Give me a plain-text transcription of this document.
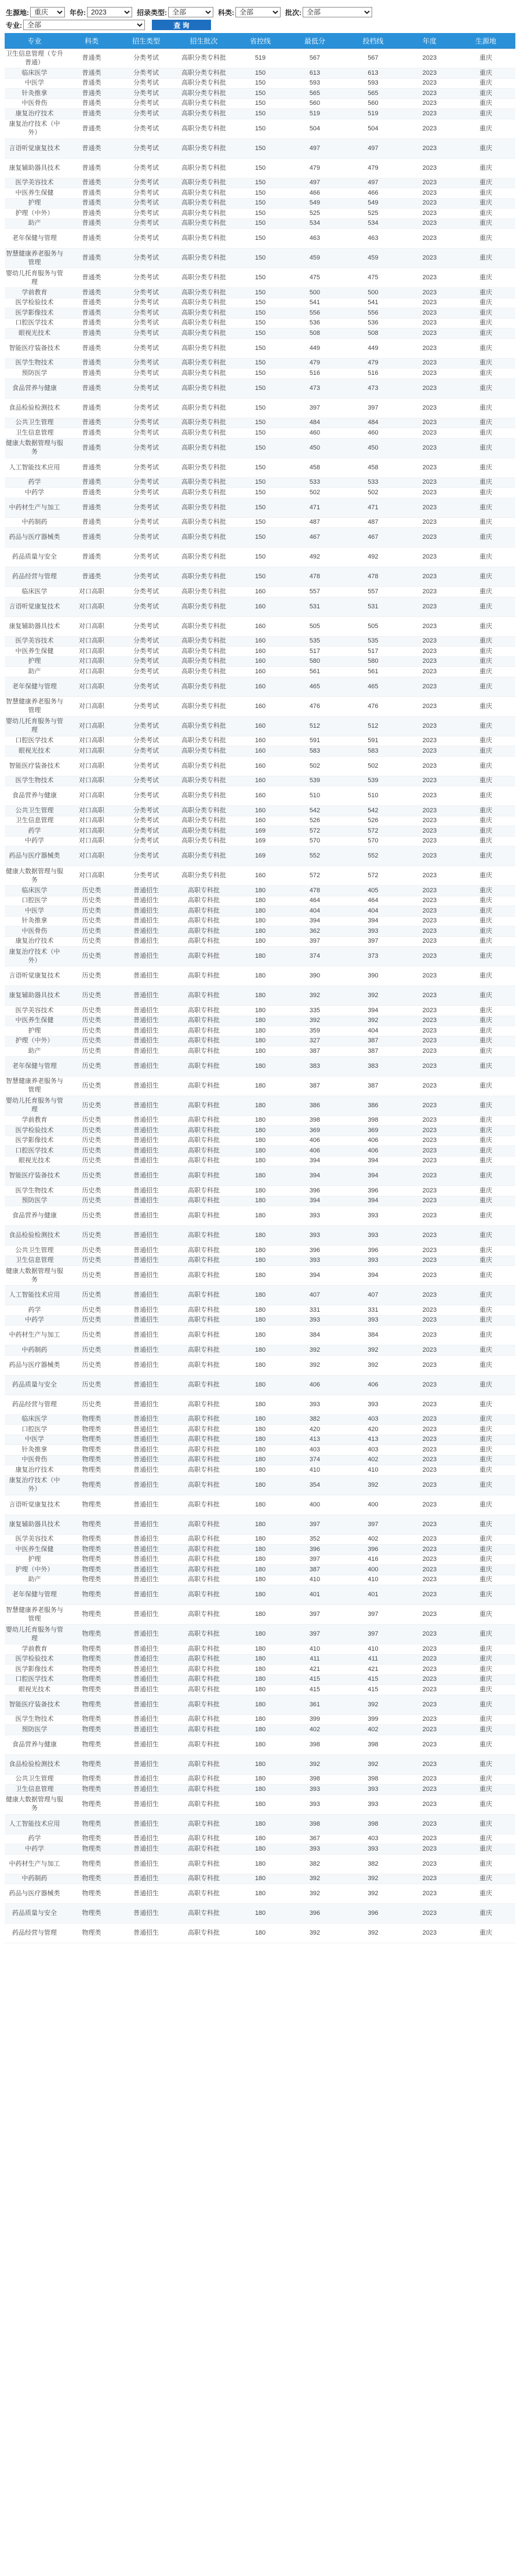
生源地:
重庆	年份:
2023	招录类型:
全部	科类:
全部	批次:
全部
专业:
全部	查 询
专业	科类	招生类型	招生批次	省控线	最低分	投档线	年度	生源地
卫生信息管理（专升普通）	普通类	分类考试	高职分类专科批	519	567	567	2023	重庆
临床医学	普通类	分类考试	高职分类专科批	150	613	613	2023	重庆
中医学	普通类	分类考试	高职分类专科批	150	593	593	2023	重庆
针灸推拿	普通类	分类考试	高职分类专科批	150	565	565	2023	重庆
中医骨伤	普通类	分类考试	高职分类专科批	150	560	560	2023	重庆
康复治疗技术	普通类	分类考试	高职分类专科批	150	519	519	2023	重庆
康复治疗技术（中外）	普通类	分类考试	高职分类专科批	150	504	504	2023	重庆
言语听觉康复技术	普通类	分类考试	高职分类专科批	150	497	497	2023	重庆
康复辅助器具技术	普通类	分类考试	高职分类专科批	150	479	479	2023	重庆
医学美容技术	普通类	分类考试	高职分类专科批	150	497	497	2023	重庆
中医养生保健	普通类	分类考试	高职分类专科批	150	466	466	2023	重庆
护理	普通类	分类考试	高职分类专科批	150	549	549	2023	重庆
护理（中外）	普通类	分类考试	高职分类专科批	150	525	525	2023	重庆
助产	普通类	分类考试	高职分类专科批	150	534	534	2023	重庆
老年保健与管理	普通类	分类考试	高职分类专科批	150	463	463	2023	重庆
智慧健康养老服务与管理	普通类	分类考试	高职分类专科批	150	459	459	2023	重庆
婴幼儿托育服务与管理	普通类	分类考试	高职分类专科批	150	475	475	2023	重庆
学前教育	普通类	分类考试	高职分类专科批	150	500	500	2023	重庆
医学检验技术	普通类	分类考试	高职分类专科批	150	541	541	2023	重庆
医学影像技术	普通类	分类考试	高职分类专科批	150	556	556	2023	重庆
口腔医学技术	普通类	分类考试	高职分类专科批	150	536	536	2023	重庆
眼视光技术	普通类	分类考试	高职分类专科批	150	508	508	2023	重庆
智能医疗装备技术	普通类	分类考试	高职分类专科批	150	449	449	2023	重庆
医学生物技术	普通类	分类考试	高职分类专科批	150	479	479	2023	重庆
预防医学	普通类	分类考试	高职分类专科批	150	516	516	2023	重庆
食品营养与健康	普通类	分类考试	高职分类专科批	150	473	473	2023	重庆
食品检验检测技术	普通类	分类考试	高职分类专科批	150	397	397	2023	重庆
公共卫生管理	普通类	分类考试	高职分类专科批	150	484	484	2023	重庆
卫生信息管理	普通类	分类考试	高职分类专科批	150	460	460	2023	重庆
健康大数据管理与服务	普通类	分类考试	高职分类专科批	150	450	450	2023	重庆
人工智能技术应用	普通类	分类考试	高职分类专科批	150	458	458	2023	重庆
药学	普通类	分类考试	高职分类专科批	150	533	533	2023	重庆
中药学	普通类	分类考试	高职分类专科批	150	502	502	2023	重庆
中药材生产与加工	普通类	分类考试	高职分类专科批	150	471	471	2023	重庆
中药制药	普通类	分类考试	高职分类专科批	150	487	487	2023	重庆
药品与医疗器械类	普通类	分类考试	高职分类专科批	150	467	467	2023	重庆
药品质量与安全	普通类	分类考试	高职分类专科批	150	492	492	2023	重庆
药品经营与管理	普通类	分类考试	高职分类专科批	150	478	478	2023	重庆
临床医学	对口高职	分类考试	高职分类专科批	160	557	557	2023	重庆
言语听觉康复技术	对口高职	分类考试	高职分类专科批	160	531	531	2023	重庆
康复辅助器具技术	对口高职	分类考试	高职分类专科批	160	505	505	2023	重庆
医学美容技术	对口高职	分类考试	高职分类专科批	160	535	535	2023	重庆
中医养生保健	对口高职	分类考试	高职分类专科批	160	517	517	2023	重庆
护理	对口高职	分类考试	高职分类专科批	160	580	580	2023	重庆
助产	对口高职	分类考试	高职分类专科批	160	561	561	2023	重庆
老年保健与管理	对口高职	分类考试	高职分类专科批	160	465	465	2023	重庆
智慧健康养老服务与管理	对口高职	分类考试	高职分类专科批	160	476	476	2023	重庆
婴幼儿托育服务与管理	对口高职	分类考试	高职分类专科批	160	512	512	2023	重庆
口腔医学技术	对口高职	分类考试	高职分类专科批	160	591	591	2023	重庆
眼视光技术	对口高职	分类考试	高职分类专科批	160	583	583	2023	重庆
智能医疗装备技术	对口高职	分类考试	高职分类专科批	160	502	502	2023	重庆
医学生物技术	对口高职	分类考试	高职分类专科批	160	539	539	2023	重庆
食品营养与健康	对口高职	分类考试	高职分类专科批	160	510	510	2023	重庆
公共卫生管理	对口高职	分类考试	高职分类专科批	160	542	542	2023	重庆
卫生信息管理	对口高职	分类考试	高职分类专科批	160	526	526	2023	重庆
药学	对口高职	分类考试	高职分类专科批	169	572	572	2023	重庆
中药学	对口高职	分类考试	高职分类专科批	169	570	570	2023	重庆
药品与医疗器械类	对口高职	分类考试	高职分类专科批	169	552	552	2023	重庆
健康大数据管理与服务	对口高职	分类考试	高职分类专科批	160	572	572	2023	重庆
临床医学	历史类	普通招生	高职专科批	180	478	405	2023	重庆
口腔医学	历史类	普通招生	高职专科批	180	464	464	2023	重庆
中医学	历史类	普通招生	高职专科批	180	404	404	2023	重庆
针灸推拿	历史类	普通招生	高职专科批	180	394	394	2023	重庆
中医骨伤	历史类	普通招生	高职专科批	180	362	393	2023	重庆
康复治疗技术	历史类	普通招生	高职专科批	180	397	397	2023	重庆
康复治疗技术（中外）	历史类	普通招生	高职专科批	180	374	373	2023	重庆
言语听觉康复技术	历史类	普通招生	高职专科批	180	390	390	2023	重庆
康复辅助器具技术	历史类	普通招生	高职专科批	180	392	392	2023	重庆
医学美容技术	历史类	普通招生	高职专科批	180	335	394	2023	重庆
中医养生保健	历史类	普通招生	高职专科批	180	392	392	2023	重庆
护理	历史类	普通招生	高职专科批	180	359	404	2023	重庆
护理（中外）	历史类	普通招生	高职专科批	180	327	387	2023	重庆
助产	历史类	普通招生	高职专科批	180	387	387	2023	重庆
老年保健与管理	历史类	普通招生	高职专科批	180	383	383	2023	重庆
智慧健康养老服务与管理	历史类	普通招生	高职专科批	180	387	387	2023	重庆
婴幼儿托育服务与管理	历史类	普通招生	高职专科批	180	386	386	2023	重庆
学前教育	历史类	普通招生	高职专科批	180	398	398	2023	重庆
医学检验技术	历史类	普通招生	高职专科批	180	369	369	2023	重庆
医学影像技术	历史类	普通招生	高职专科批	180	406	406	2023	重庆
口腔医学技术	历史类	普通招生	高职专科批	180	406	406	2023	重庆
眼视光技术	历史类	普通招生	高职专科批	180	394	394	2023	重庆
智能医疗装备技术	历史类	普通招生	高职专科批	180	394	394	2023	重庆
医学生物技术	历史类	普通招生	高职专科批	180	396	396	2023	重庆
预防医学	历史类	普通招生	高职专科批	180	394	394	2023	重庆
食品营养与健康	历史类	普通招生	高职专科批	180	393	393	2023	重庆
食品检验检测技术	历史类	普通招生	高职专科批	180	393	393	2023	重庆
公共卫生管理	历史类	普通招生	高职专科批	180	396	396	2023	重庆
卫生信息管理	历史类	普通招生	高职专科批	180	393	393	2023	重庆
健康大数据管理与服务	历史类	普通招生	高职专科批	180	394	394	2023	重庆
人工智能技术应用	历史类	普通招生	高职专科批	180	407	407	2023	重庆
药学	历史类	普通招生	高职专科批	180	331	331	2023	重庆
中药学	历史类	普通招生	高职专科批	180	393	393	2023	重庆
中药材生产与加工	历史类	普通招生	高职专科批	180	384	384	2023	重庆
中药制药	历史类	普通招生	高职专科批	180	392	392	2023	重庆
药品与医疗器械类	历史类	普通招生	高职专科批	180	392	392	2023	重庆
药品质量与安全	历史类	普通招生	高职专科批	180	406	406	2023	重庆
药品经营与管理	历史类	普通招生	高职专科批	180	393	393	2023	重庆
临床医学	物理类	普通招生	高职专科批	180	382	403	2023	重庆
口腔医学	物理类	普通招生	高职专科批	180	420	420	2023	重庆
中医学	物理类	普通招生	高职专科批	180	413	413	2023	重庆
针灸推拿	物理类	普通招生	高职专科批	180	403	403	2023	重庆
中医骨伤	物理类	普通招生	高职专科批	180	374	402	2023	重庆
康复治疗技术	物理类	普通招生	高职专科批	180	410	410	2023	重庆
康复治疗技术（中外）	物理类	普通招生	高职专科批	180	354	392	2023	重庆
言语听觉康复技术	物理类	普通招生	高职专科批	180	400	400	2023	重庆
康复辅助器具技术	物理类	普通招生	高职专科批	180	397	397	2023	重庆
医学美容技术	物理类	普通招生	高职专科批	180	352	402	2023	重庆
中医养生保健	物理类	普通招生	高职专科批	180	396	396	2023	重庆
护理	物理类	普通招生	高职专科批	180	397	416	2023	重庆
护理（中外）	物理类	普通招生	高职专科批	180	387	400	2023	重庆
助产	物理类	普通招生	高职专科批	180	410	410	2023	重庆
老年保健与管理	物理类	普通招生	高职专科批	180	401	401	2023	重庆
智慧健康养老服务与管理	物理类	普通招生	高职专科批	180	397	397	2023	重庆
婴幼儿托育服务与管理	物理类	普通招生	高职专科批	180	397	397	2023	重庆
学前教育	物理类	普通招生	高职专科批	180	410	410	2023	重庆
医学检验技术	物理类	普通招生	高职专科批	180	411	411	2023	重庆
医学影像技术	物理类	普通招生	高职专科批	180	421	421	2023	重庆
口腔医学技术	物理类	普通招生	高职专科批	180	415	415	2023	重庆
眼视光技术	物理类	普通招生	高职专科批	180	415	415	2023	重庆
智能医疗装备技术	物理类	普通招生	高职专科批	180	361	392	2023	重庆
医学生物技术	物理类	普通招生	高职专科批	180	399	399	2023	重庆
预防医学	物理类	普通招生	高职专科批	180	402	402	2023	重庆
食品营养与健康	物理类	普通招生	高职专科批	180	398	398	2023	重庆
食品检验检测技术	物理类	普通招生	高职专科批	180	392	392	2023	重庆
公共卫生管理	物理类	普通招生	高职专科批	180	398	398	2023	重庆
卫生信息管理	物理类	普通招生	高职专科批	180	393	393	2023	重庆
健康大数据管理与服务	物理类	普通招生	高职专科批	180	393	393	2023	重庆
人工智能技术应用	物理类	普通招生	高职专科批	180	398	398	2023	重庆
药学	物理类	普通招生	高职专科批	180	367	403	2023	重庆
中药学	物理类	普通招生	高职专科批	180	393	393	2023	重庆
中药材生产与加工	物理类	普通招生	高职专科批	180	382	382	2023	重庆
中药制药	物理类	普通招生	高职专科批	180	392	392	2023	重庆
药品与医疗器械类	物理类	普通招生	高职专科批	180	392	392	2023	重庆
药品质量与安全	物理类	普通招生	高职专科批	180	396	396	2023	重庆
药品经营与管理	物理类	普通招生	高职专科批	180	392	392	2023	重庆
